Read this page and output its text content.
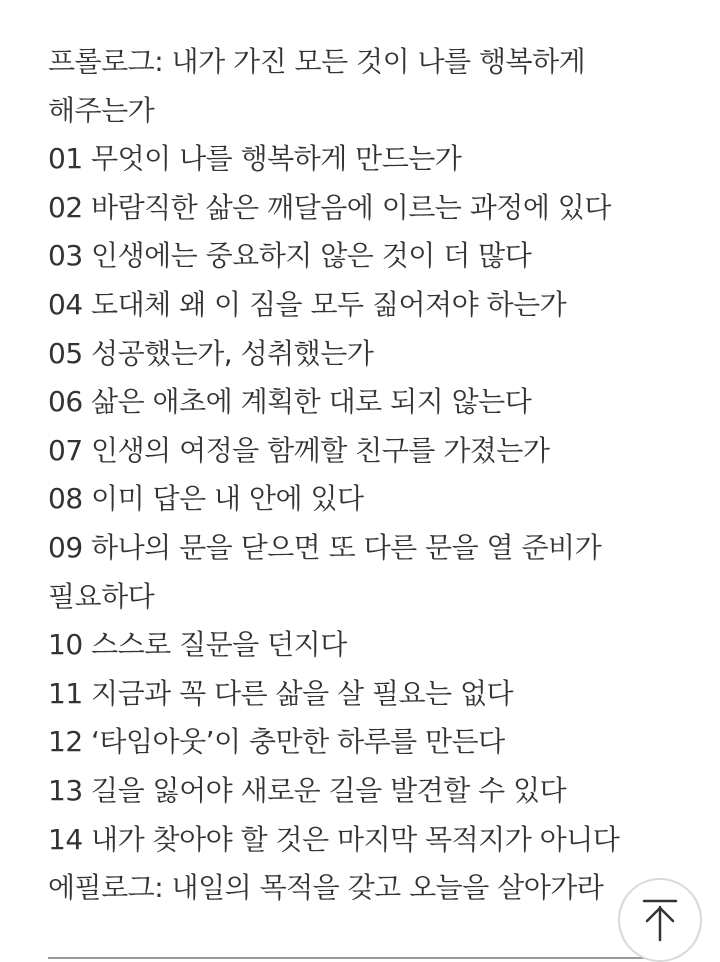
프롤로그: 내가 가진 모든 것이 나를 행복하게 해주는가
01 무엇이 나를 행복하게 만드는가
02 바람직한 삶은 깨달음에 이르는 과정에 있다
03 인생에는 중요하지 않은 것이 더 많다
04 도대체 왜 이 짐을 모두 짊어져야 하는가
05 성공했는가, 성취했는가
06 삶은 애초에 계획한 대로 되지 않는다
07 인생의 여정을 함께할 친구를 가졌는가
08 이미 답은 내 안에 있다
09 하나의 문을 닫으면 또 다른 문을 열 준비가 필요하다
10 스스로 질문을 던지다
11 지금과 꼭 다른 삶을 살 필요는 없다
12 ‘타임아웃’이 충만한 하루를 만든다
13 길을 잃어야 새로운 길을 발견할 수 있다
14 내가 찾아야 할 것은 마지막 목적지가 아니다
에필로그: 내일의 목적을 갖고 오늘을 살아가라
